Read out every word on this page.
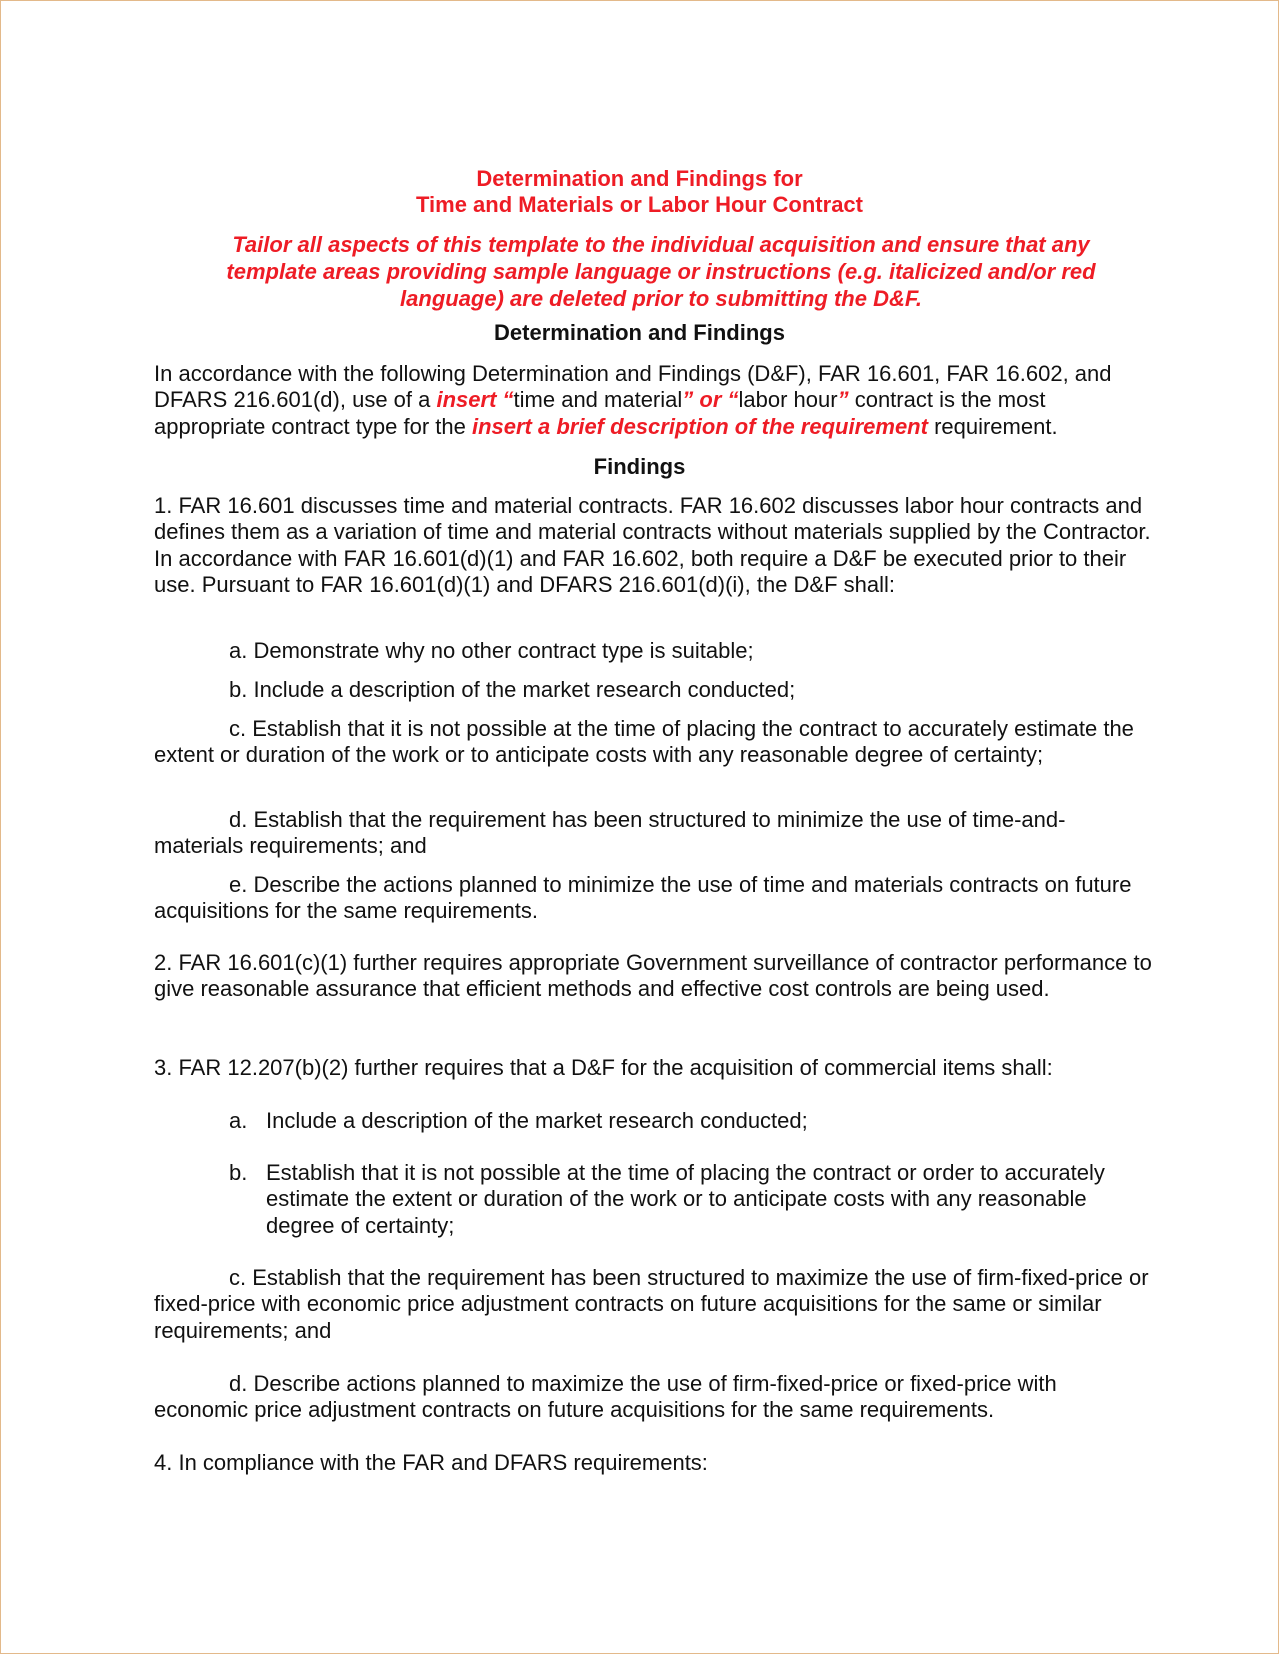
Determination and Findings for
Time and Materials or Labor Hour Contract
Tailor all aspects of this template to the individual acquisition and ensure that any template areas providing sample language or instructions (e.g. italicized and/or red language) are deleted prior to submitting the D&F.
Determination and Findings
In accordance with the following Determination and Findings (D&F), FAR 16.601, FAR 16.602, and DFARS 216.601(d), use of a insert “time and material” or “labor hour” contract is the most appropriate contract type for the insert a brief description of the requirement requirement.
Findings
1. FAR 16.601 discusses time and material contracts. FAR 16.602 discusses labor hour contracts and defines them as a variation of time and material contracts without materials supplied by the Contractor. In accordance with FAR 16.601(d)(1) and FAR 16.602, both require a D&F be executed prior to their use. Pursuant to FAR 16.601(d)(1) and DFARS 216.601(d)(i), the D&F shall:
a. Demonstrate why no other contract type is suitable;
b. Include a description of the market research conducted;
c. Establish that it is not possible at the time of placing the contract to accurately estimate the extent or duration of the work or to anticipate costs with any reasonable degree of certainty;
d. Establish that the requirement has been structured to minimize the use of time-and-materials requirements; and
e. Describe the actions planned to minimize the use of time and materials contracts on future acquisitions for the same requirements.
2. FAR 16.601(c)(1) further requires appropriate Government surveillance of contractor performance to give reasonable assurance that efficient methods and effective cost controls are being used.
3. FAR 12.207(b)(2) further requires that a D&F for the acquisition of commercial items shall:
a. Include a description of the market research conducted;
b. Establish that it is not possible at the time of placing the contract or order to accurately estimate the extent or duration of the work or to anticipate costs with any reasonable degree of certainty;
c. Establish that the requirement has been structured to maximize the use of firm-fixed-price or fixed-price with economic price adjustment contracts on future acquisitions for the same or similar requirements; and
d. Describe actions planned to maximize the use of firm-fixed-price or fixed-price with economic price adjustment contracts on future acquisitions for the same requirements.
4. In compliance with the FAR and DFARS requirements:
